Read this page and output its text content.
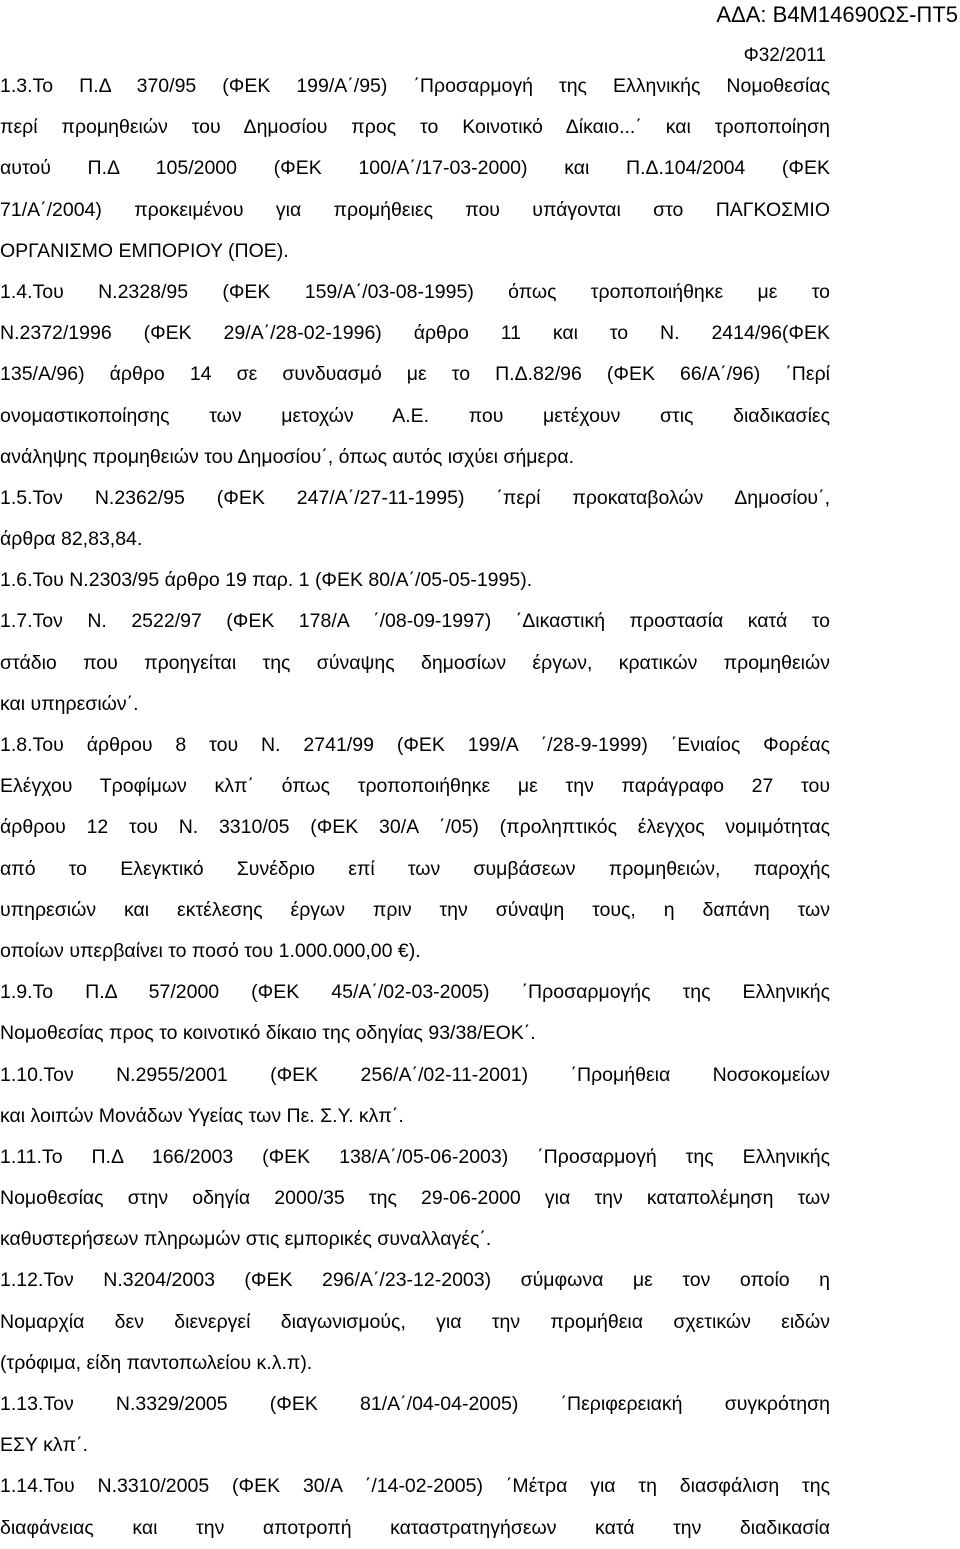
ΑΔΑ: Β4Μ14690ΩΣ-ΠΤ5
Φ32/2011
1.3.Το Π.Δ 370/95 (ΦΕΚ 199/Α΄/95) ΄Προσαρμογή της Ελληνικής Νομοθεσίας
περί προμηθειών του Δημοσίου προς το Κοινοτικό Δίκαιο...΄ και τροποποίηση
αυτού Π.Δ 105/2000 (ΦΕΚ 100/Α΄/17-03-2000) και Π.Δ.104/2004 (ΦΕΚ
71/Α΄/2004) προκειμένου για προμήθειες που υπάγονται στο ΠΑΓΚΟΣΜΙΟ
ΟΡΓΑΝΙΣΜΟ ΕΜΠΟΡΙΟΥ (ΠΟΕ).
1.4.Του Ν.2328/95 (ΦΕΚ 159/Α΄/03-08-1995) όπως τροποποιήθηκε με το
Ν.2372/1996 (ΦΕΚ 29/Α΄/28-02-1996) άρθρο 11 και το Ν. 2414/96(ΦΕΚ
135/Α/96) άρθρο 14 σε συνδυασμό με το Π.Δ.82/96 (ΦΕΚ 66/Α΄/96) ΄Περί
ονομαστικοποίησης των μετοχών Α.Ε. που μετέχουν στις διαδικασίες
ανάληψης προμηθειών του Δημοσίου΄, όπως αυτός ισχύει σήμερα.
1.5.Τον Ν.2362/95 (ΦΕΚ 247/Α΄/27-11-1995) ΄περί προκαταβολών Δημοσίου΄,
άρθρα 82,83,84.
1.6.Του Ν.2303/95 άρθρο 19 παρ. 1 (ΦΕΚ 80/Α΄/05-05-1995).
1.7.Τον Ν. 2522/97 (ΦΕΚ 178/Α ΄/08-09-1997) ΄Δικαστική προστασία κατά το
στάδιο που προηγείται της σύναψης δημοσίων έργων, κρατικών προμηθειών
και υπηρεσιών΄.
1.8.Του άρθρου 8 του Ν. 2741/99 (ΦΕΚ 199/Α ΄/28-9-1999) ΄Ενιαίος Φορέας
Ελέγχου Τροφίμων κλπ΄ όπως τροποποιήθηκε με την παράγραφο 27 του
άρθρου 12 του Ν. 3310/05 (ΦΕΚ 30/Α ΄/05) (προληπτικός έλεγχος νομιμότητας
από το Ελεγκτικό Συνέδριο επί των συμβάσεων προμηθειών, παροχής
υπηρεσιών και εκτέλεσης έργων πριν την σύναψη τους, η δαπάνη των
οποίων υπερβαίνει το ποσό του 1.000.000,00 €).
1.9.Το Π.Δ 57/2000 (ΦΕΚ 45/Α΄/02-03-2005) ΄Προσαρμογής της Ελληνικής
Νομοθεσίας προς το κοινοτικό δίκαιο της οδηγίας 93/38/ΕΟΚ΄.
1.10.Τον Ν.2955/2001 (ΦΕΚ 256/Α΄/02-11-2001) ΄Προμήθεια Νοσοκομείων
και λοιπών Μονάδων Υγείας των Πε. Σ.Υ. κλπ΄.
1.11.Το Π.Δ 166/2003 (ΦΕΚ 138/Α΄/05-06-2003) ΄Προσαρμογή της Ελληνικής
Νομοθεσίας στην οδηγία 2000/35 της 29-06-2000 για την καταπολέμηση των
καθυστερήσεων πληρωμών στις εμπορικές συναλλαγές΄.
1.12.Τον Ν.3204/2003 (ΦΕΚ 296/Α΄/23-12-2003) σύμφωνα με τον οποίο η
Νομαρχία δεν διενεργεί διαγωνισμούς, για την προμήθεια σχετικών ειδών
(τρόφιμα, είδη παντοπωλείου κ.λ.π).
1.13.Τον Ν.3329/2005 (ΦΕΚ 81/Α΄/04-04-2005) ΄Περιφερειακή συγκρότηση
ΕΣΥ κλπ΄.
1.14.Του Ν.3310/2005 (ΦΕΚ 30/Α ΄/14-02-2005) ΄Μέτρα για τη διασφάλιση της
διαφάνειας και την αποτροπή καταστρατηγήσεων κατά την διαδικασία
